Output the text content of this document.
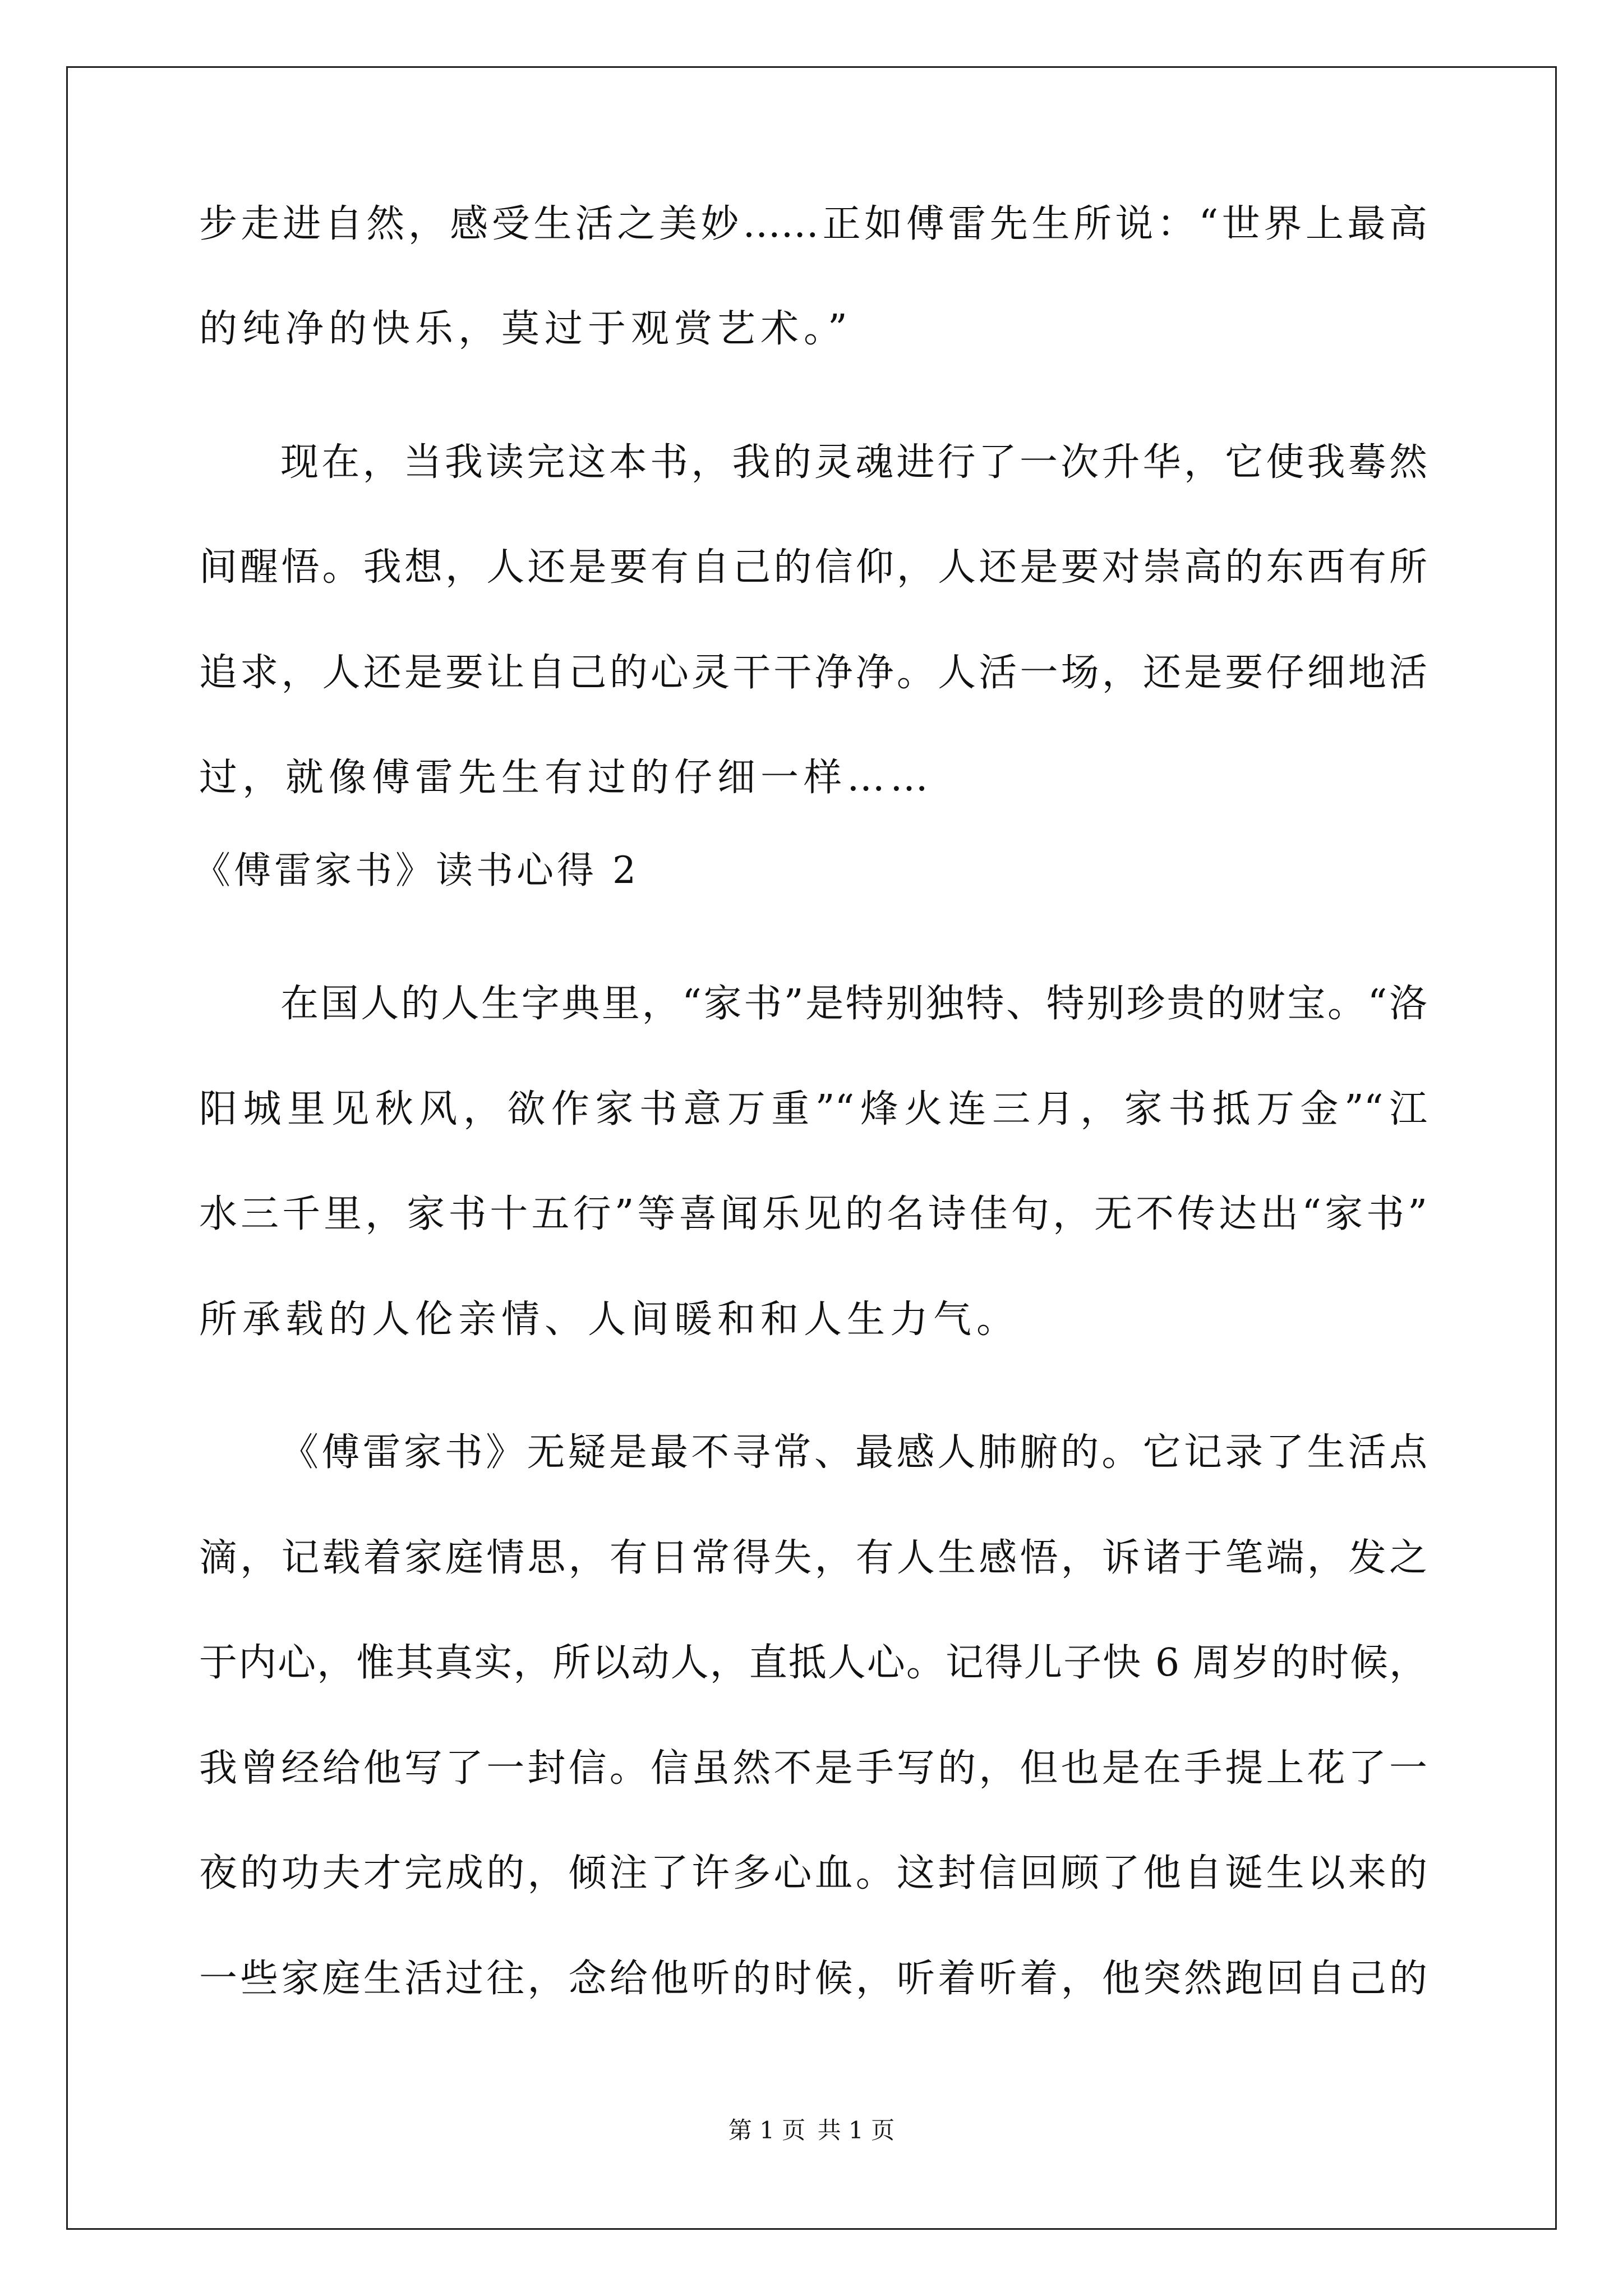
步走进自然，感受生活之美妙……正如傅雷先生所说：“世界上最高
的纯净的快乐，莫过于观赏艺术。”
现在，当我读完这本书，我的灵魂进行了一次升华，它使我蓦然
间醒悟。我想，人还是要有自己的信仰，人还是要对崇高的东西有所
追求，人还是要让自己的心灵干干净净。人活一场，还是要仔细地活
过，就像傅雷先生有过的仔细一样……
《傅雷家书》读书心得 2
在国人的人生字典里，“家书”是特别独特、特别珍贵的财宝。“洛
阳城里见秋风，欲作家书意万重”“烽火连三月，家书抵万金”“江
水三千里，家书十五行”等喜闻乐见的名诗佳句，无不传达出“家书”
所承载的人伦亲情、人间暖和和人生力气。
《傅雷家书》无疑是最不寻常、最感人肺腑的。它记录了生活点
滴，记载着家庭情思，有日常得失，有人生感悟，诉诸于笔端，发之
于内心，惟其真实，所以动人，直抵人心。记得儿子快 6 周岁的时候，
我曾经给他写了一封信。信虽然不是手写的，但也是在手提上花了一
夜的功夫才完成的，倾注了许多心血。这封信回顾了他自诞生以来的
一些家庭生活过往，念给他听的时候，听着听着，他突然跑回自己的
第 1 页 共 1 页
